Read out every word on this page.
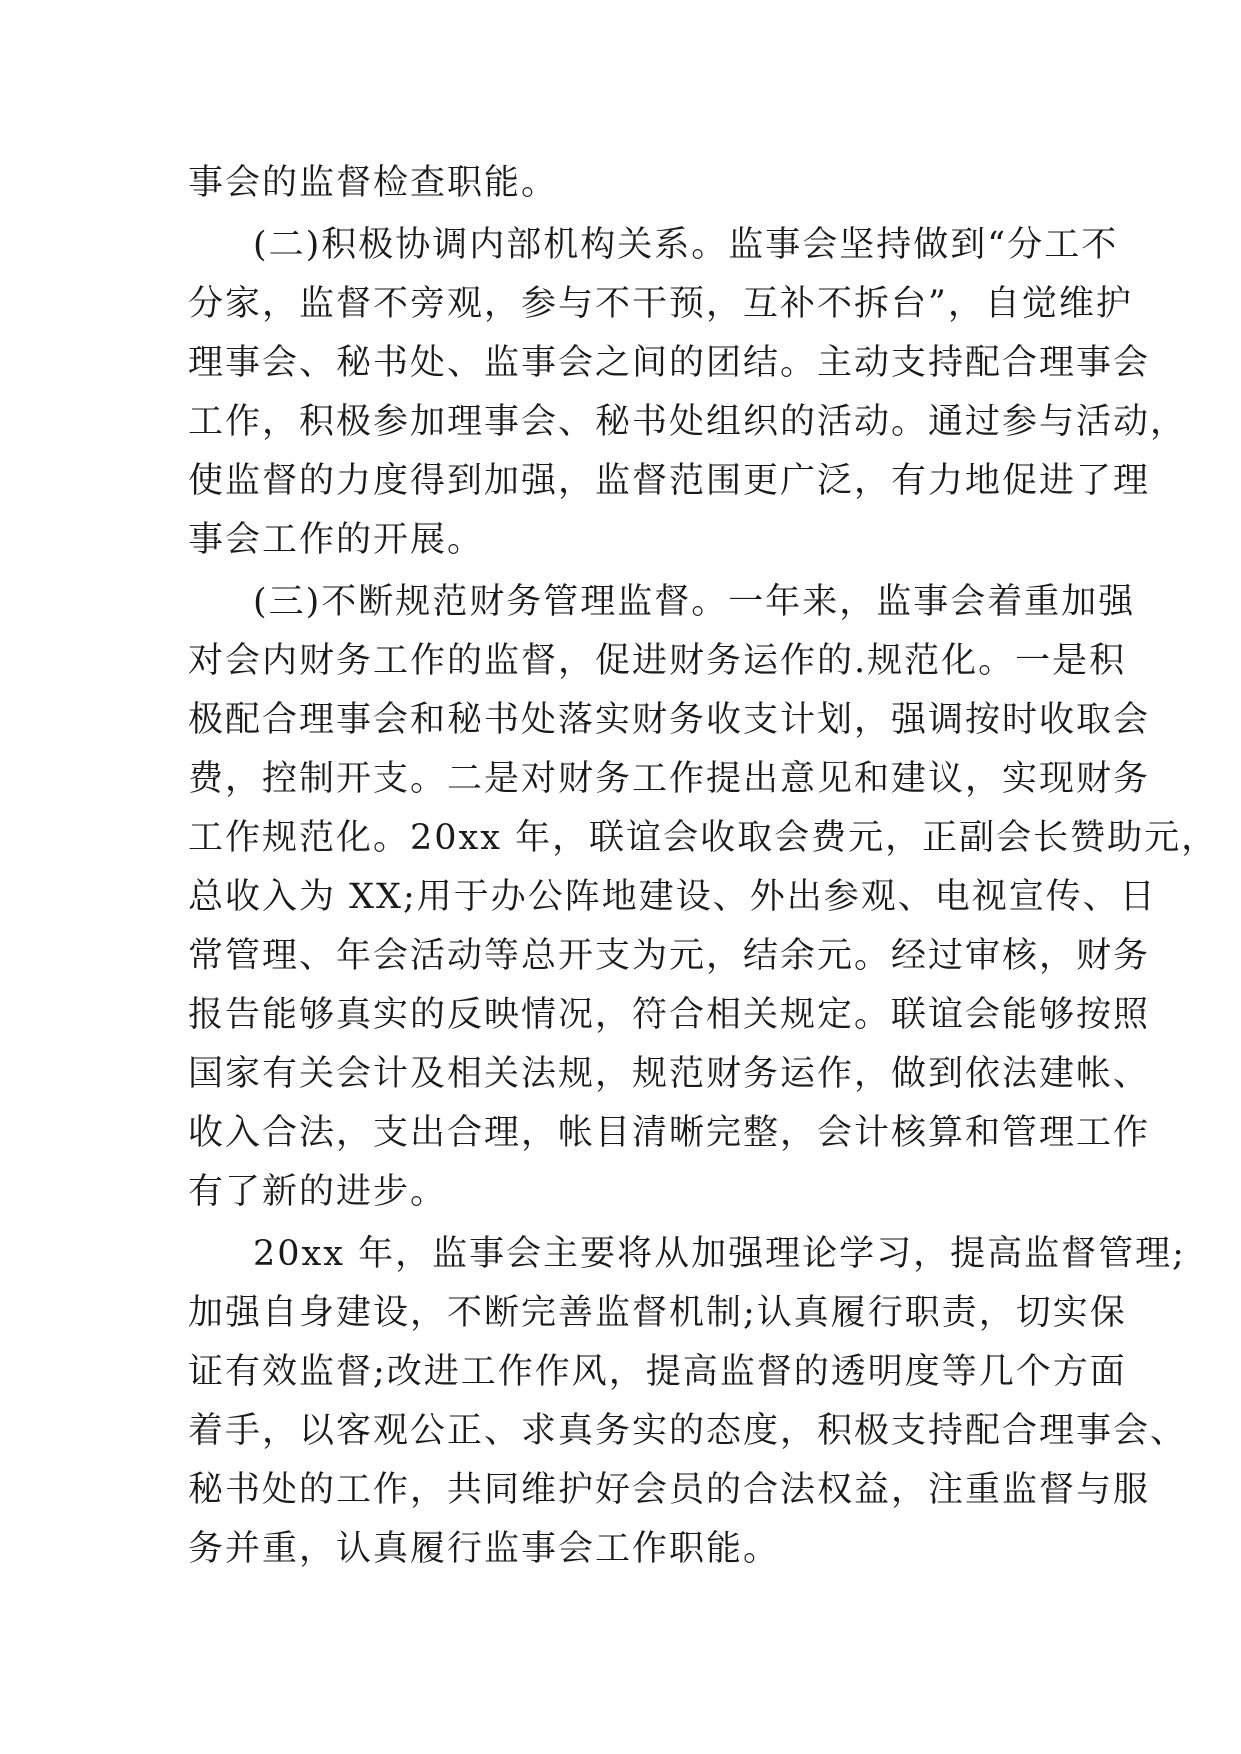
事会的监督检查职能。
(二)积极协调内部机构关系。监事会坚持做到“分工不
分家，监督不旁观，参与不干预，互补不拆台”，自觉维护
理事会、秘书处、监事会之间的团结。主动支持配合理事会
工作，积极参加理事会、秘书处组织的活动。通过参与活动，
使监督的力度得到加强，监督范围更广泛，有力地促进了理
事会工作的开展。
(三)不断规范财务管理监督。一年来，监事会着重加强
对会内财务工作的监督，促进财务运作的.规范化。一是积
极配合理事会和秘书处落实财务收支计划，强调按时收取会
费，控制开支。二是对财务工作提出意见和建议，实现财务
工作规范化。20xx 年，联谊会收取会费元，正副会长赞助元，
总收入为 XX;用于办公阵地建设、外出参观、电视宣传、日
常管理、年会活动等总开支为元，结余元。经过审核，财务
报告能够真实的反映情况，符合相关规定。联谊会能够按照
国家有关会计及相关法规，规范财务运作，做到依法建帐、
收入合法，支出合理，帐目清晰完整，会计核算和管理工作
有了新的进步。
20xx 年，监事会主要将从加强理论学习，提高监督管理;
加强自身建设，不断完善监督机制;认真履行职责，切实保
证有效监督;改进工作作风，提高监督的透明度等几个方面
着手，以客观公正、求真务实的态度，积极支持配合理事会、
秘书处的工作，共同维护好会员的合法权益，注重监督与服
务并重，认真履行监事会工作职能。
